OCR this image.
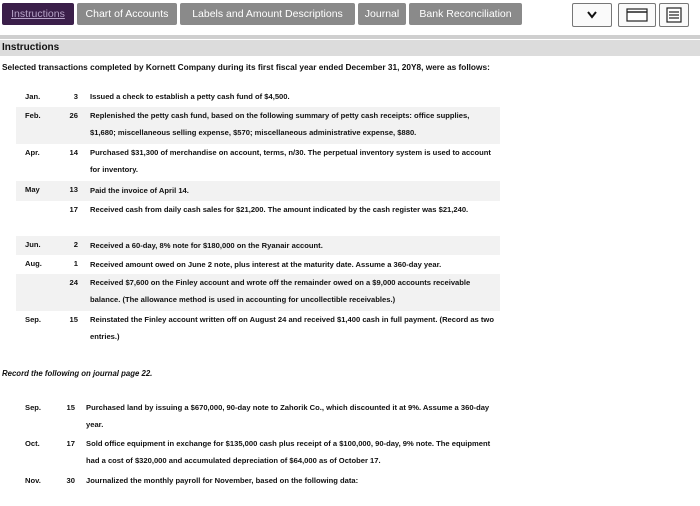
Instructions	Chart of Accounts	Labels and Amount Descriptions	Journal	Bank Reconciliation
Instructions
Selected transactions completed by Kornett Company during its first fiscal year ended December 31, 20Y8, were as follows:
Jan.	3 Issued a check to establish a petty cash fund of $4,500.
Feb.	26 Replenished the petty cash fund, based on the following summary of petty cash receipts: office supplies, $1,680; miscellaneous selling expense, $570; miscellaneous administrative expense, $880.
Apr.	14 Purchased $31,300 of merchandise on account, terms, n/30. The perpetual inventory system is used to account for inventory.
May	13 Paid the invoice of April 14.
17 Received cash from daily cash sales for $21,200. The amount indicated by the cash register was $21,240.
Jun.	2 Received a 60-day, 8% note for $180,000 on the Ryanair account.
Aug.	1 Received amount owed on June 2 note, plus interest at the maturity date. Assume a 360-day year.
24 Received $7,600 on the Finley account and wrote off the remainder owed on a $9,000 accounts receivable balance. (The allowance method is used in accounting for uncollectible receivables.)
Sep.	15 Reinstated the Finley account written off on August 24 and received $1,400 cash in full payment. (Record as two entries.)
Record the following on journal page 22.
Sep.	15 Purchased land by issuing a $670,000, 90-day note to Zahorik Co., which discounted it at 9%. Assume a 360-day year.
Oct.	17 Sold office equipment in exchange for $135,000 cash plus receipt of a $100,000, 90-day, 9% note. The equipment had a cost of $320,000 and accumulated depreciation of $64,000 as of October 17.
Nov.	30 Journalized the monthly payroll for November, based on the following data:
